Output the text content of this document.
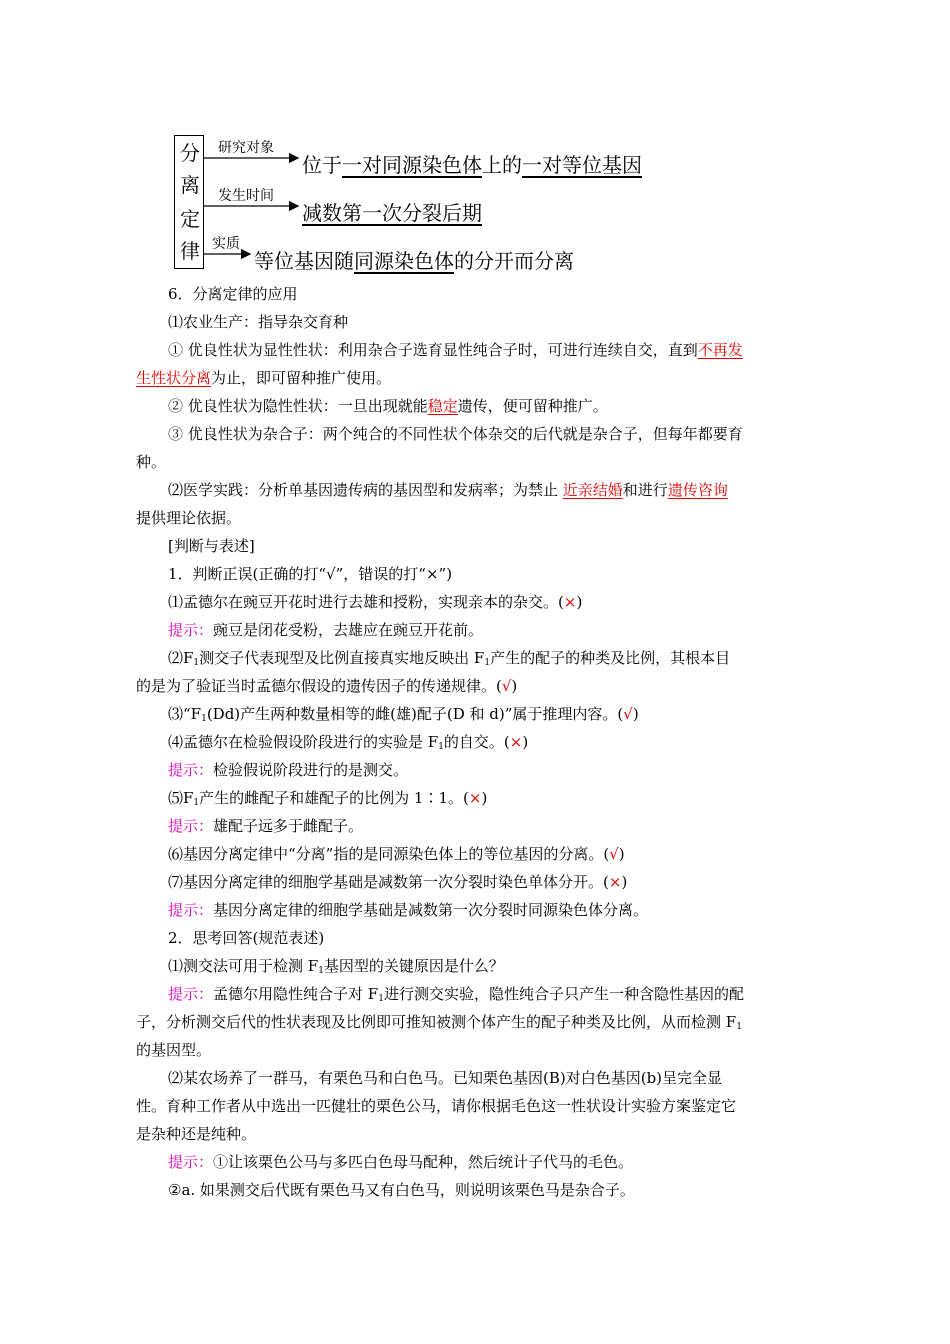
分
离
定
律
研究对象
发生时间
实质
位于一对同源染色体上的一对等位基因
减数第一次分裂后期
等位基因随同源染色体的分开而分离
6．分离定律的应用
⑴农业生产：指导杂交育种
① 优良性状为显性性状：利用杂合子选育显性纯合子时，可进行连续自交，直到不再发
生性状分离为止，即可留种推广使用。
② 优良性状为隐性性状：一旦出现就能稳定遗传，便可留种推广。
③ 优良性状为杂合子：两个纯合的不同性状个体杂交的后代就是杂合子，但每年都要育
种。
⑵医学实践：分析单基因遗传病的基因型和发病率；为禁止 近亲结婚和进行遗传咨询
提供理论依据。
[判断与表述]
1．判断正误(正确的打“√”，错误的打“×”)
⑴孟德尔在豌豆开花时进行去雄和授粉，实现亲本的杂交。(×)
提示：豌豆是闭花受粉，去雄应在豌豆开花前。
$⑵F_1$测交子代表现型及比例直接真实地反映出 $F_1$产生的配子的种类及比例，其根本目
的是为了验证当时孟德尔假设的遗传因子的传递规律。(√)
$⑶“F_1(Dd)$产生两种数量相等的雌(雄)配子(D 和 d)”属于推理内容。(√)
⑷孟德尔在检验假设阶段进行的实验是 $F_1$的自交。(×)
提示：检验假说阶段进行的是测交。
$⑸F_1$产生的雌配子和雄配子的比例为 1∶1。(×)
提示：雄配子远多于雌配子。
⑹基因分离定律中“分离”指的是同源染色体上的等位基因的分离。(√)
⑺基因分离定律的细胞学基础是减数第一次分裂时染色单体分开。(×)
提示：基因分离定律的细胞学基础是减数第一次分裂时同源染色体分离。
2．思考回答(规范表述)
⑴测交法可用于检测 $F_1$基因型的关键原因是什么？
提示：孟德尔用隐性纯合子对 $F_1$进行测交实验，隐性纯合子只产生一种含隐性基因的配
子，分析测交后代的性状表现及比例即可推知被测个体产生的配子种类及比例，从而检测 $F_1$
的基因型。
⑵某农场养了一群马，有栗色马和白色马。已知栗色基因(B)对白色基因(b)呈完全显
性。育种工作者从中选出一匹健壮的栗色公马，请你根据毛色这一性状设计实验方案鉴定它
是杂种还是纯种。
提示：①让该栗色公马与多匹白色母马配种，然后统计子代马的毛色。
②a. 如果测交后代既有栗色马又有白色马，则说明该栗色马是杂合子。
